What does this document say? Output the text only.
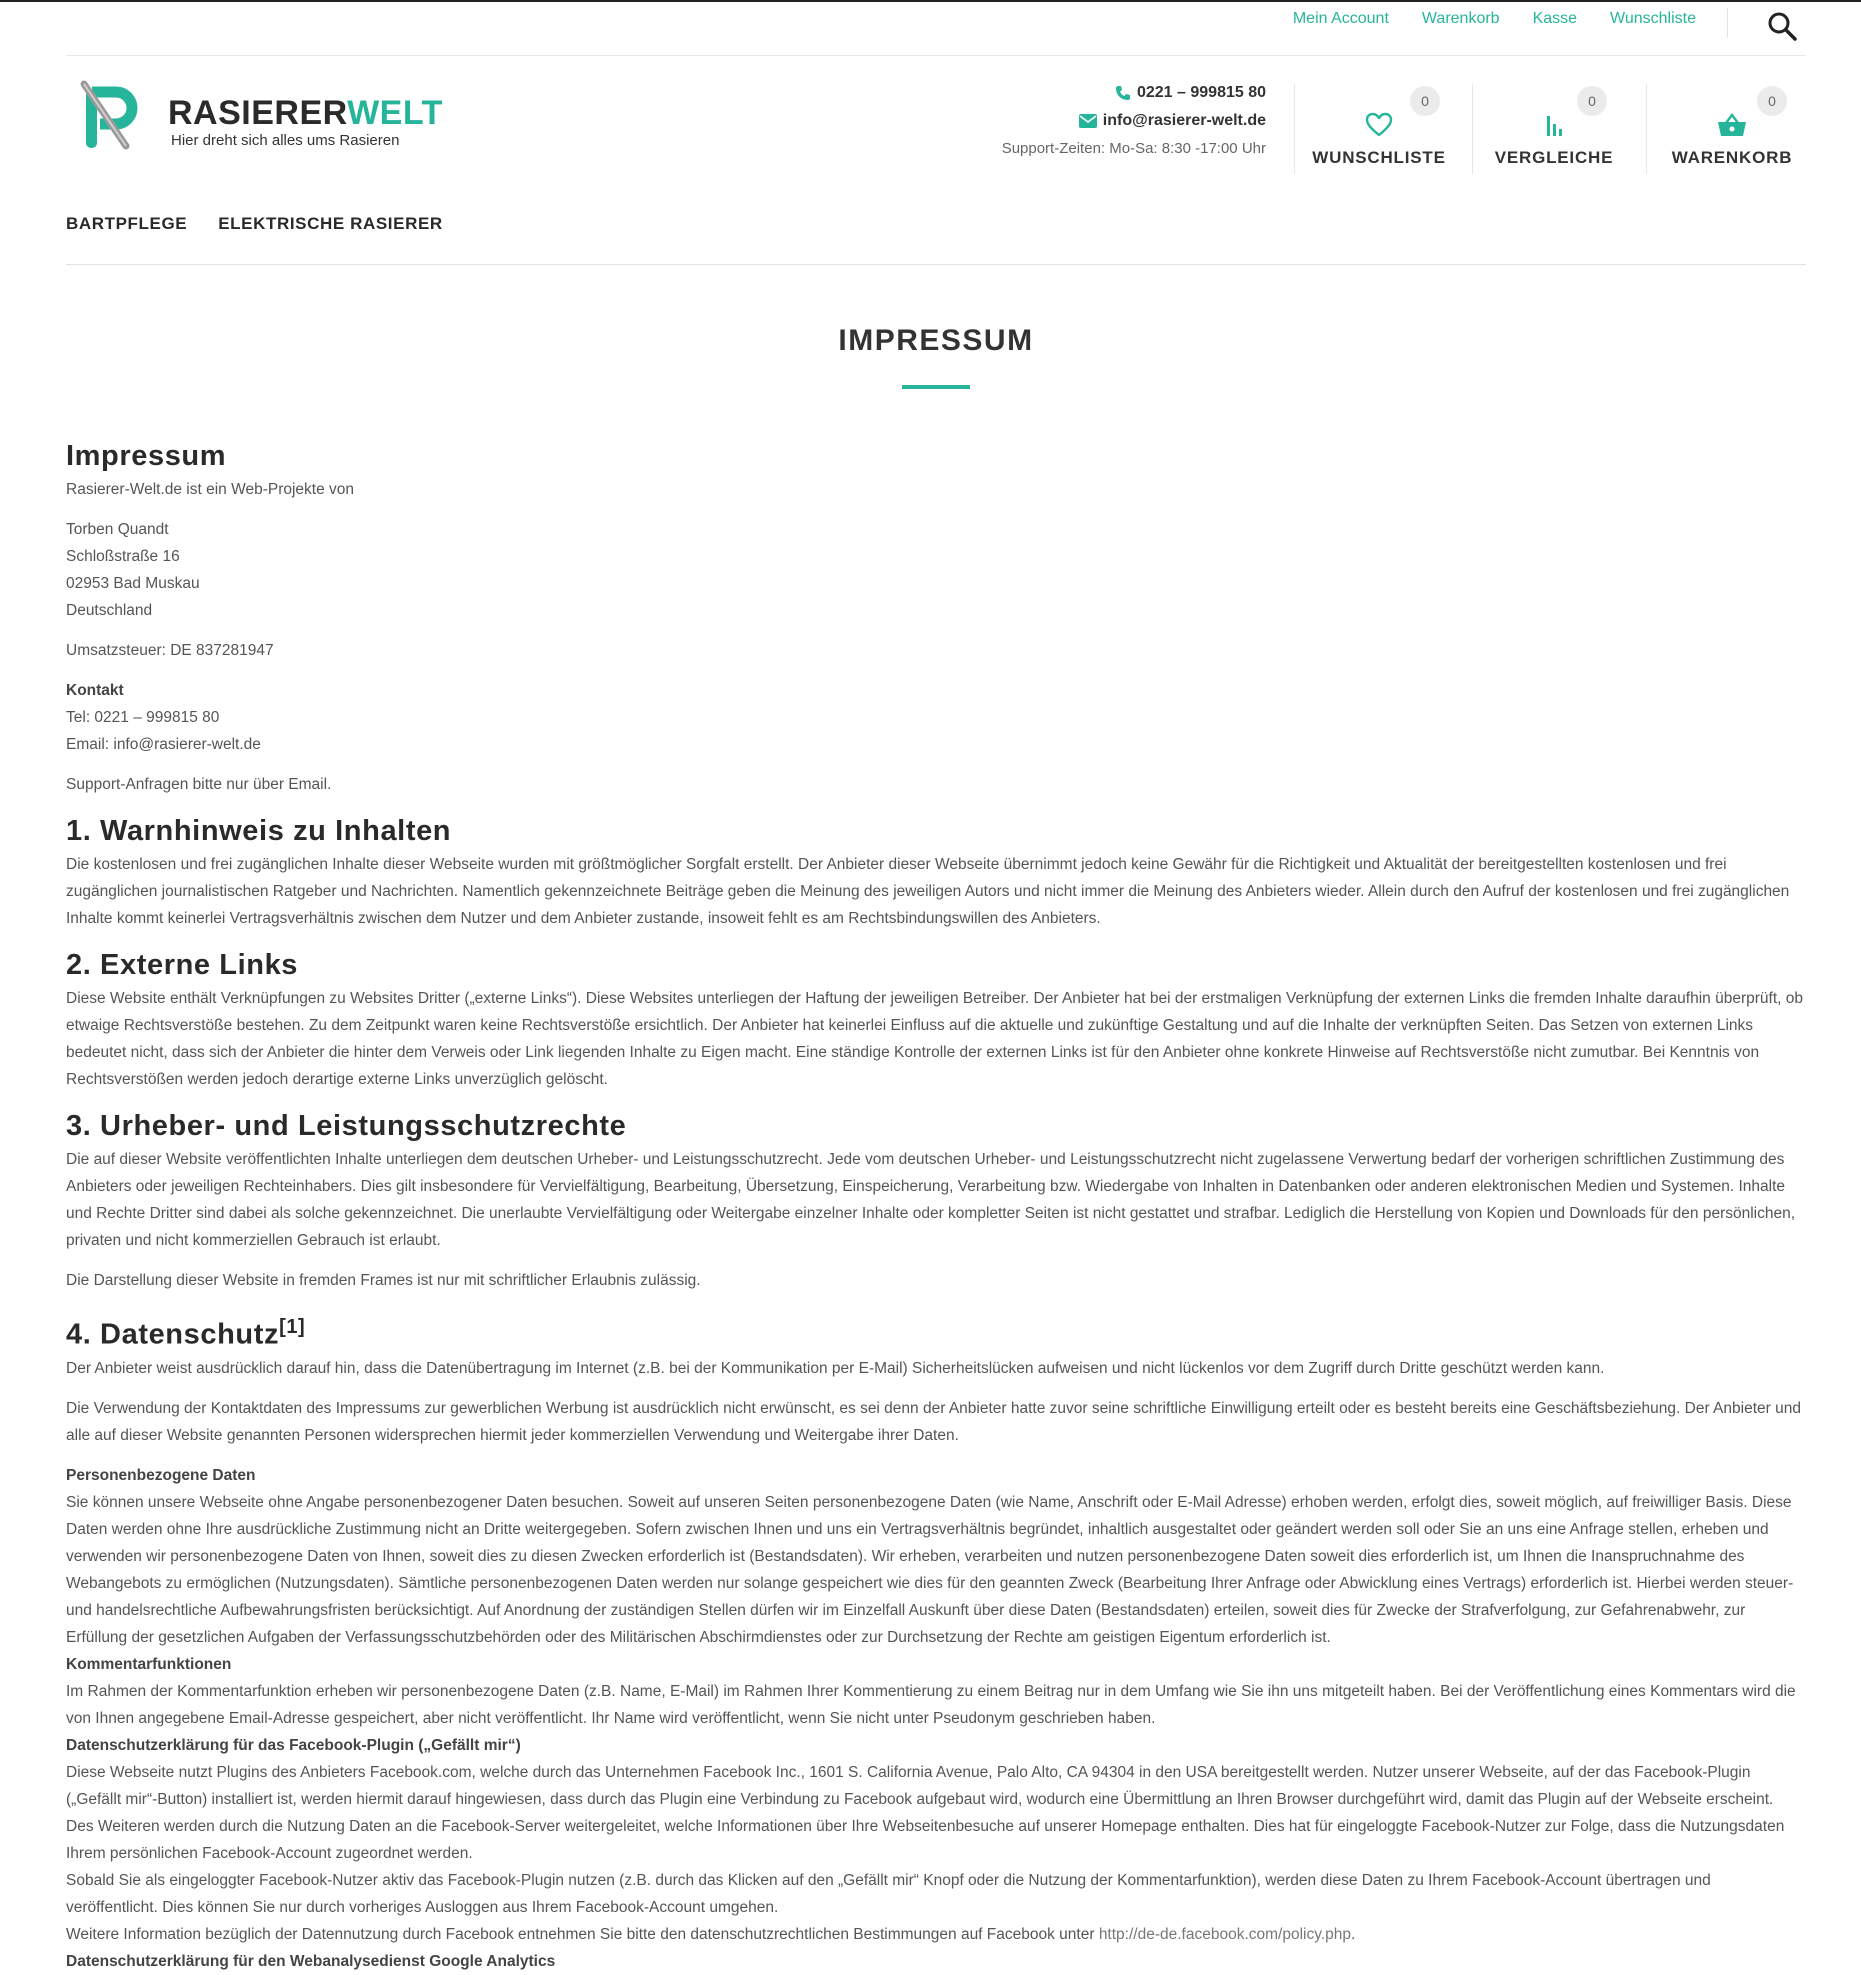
Mein Account Warenkorb Kasse Wunschliste
RASIERERWELT
Hier dreht sich alles ums Rasieren
0221 – 999815 80
info@rasierer-welt.de
Support-Zeiten: Mo-Sa: 8:30 -17:00 Uhr
0
WUNSCHLISTE
0
VERGLEICHE
0
WARENKORB
BARTPFLEGE ELEKTRISCHE RASIERER
IMPRESSUM
Impressum

Rasierer-Welt.de ist ein Web-Projekte von

Torben Quandt
Schloßstraße 16
02953 Bad Muskau
Deutschland

Umsatzsteuer: DE 837281947

Kontakt
Tel: 0221 – 999815 80
Email: info@rasierer-welt.de

Support-Anfragen bitte nur über Email.

1. Warnhinweis zu Inhalten

Die kostenlosen und frei zugänglichen Inhalte dieser Webseite wurden mit größtmöglicher Sorgfalt erstellt. Der Anbieter dieser Webseite übernimmt jedoch keine Gewähr für die Richtigkeit und Aktualität der bereitgestellten kostenlosen und frei zugänglichen journalistischen Ratgeber und Nachrichten. Namentlich gekennzeichnete Beiträge geben die Meinung des jeweiligen Autors und nicht immer die Meinung des Anbieters wieder. Allein durch den Aufruf der kostenlosen und frei zugänglichen Inhalte kommt keinerlei Vertragsverhältnis zwischen dem Nutzer und dem Anbieter zustande, insoweit fehlt es am Rechtsbindungswillen des Anbieters.

2. Externe Links

Diese Website enthält Verknüpfungen zu Websites Dritter („externe Links“). Diese Websites unterliegen der Haftung der jeweiligen Betreiber. Der Anbieter hat bei der erstmaligen Verknüpfung der externen Links die fremden Inhalte daraufhin überprüft, ob etwaige Rechtsverstöße bestehen. Zu dem Zeitpunkt waren keine Rechtsverstöße ersichtlich. Der Anbieter hat keinerlei Einfluss auf die aktuelle und zukünftige Gestaltung und auf die Inhalte der verknüpften Seiten. Das Setzen von externen Links bedeutet nicht, dass sich der Anbieter die hinter dem Verweis oder Link liegenden Inhalte zu Eigen macht. Eine ständige Kontrolle der externen Links ist für den Anbieter ohne konkrete Hinweise auf Rechtsverstöße nicht zumutbar. Bei Kenntnis von Rechtsverstößen werden jedoch derartige externe Links unverzüglich gelöscht.

3. Urheber- und Leistungsschutzrechte

Die auf dieser Website veröffentlichten Inhalte unterliegen dem deutschen Urheber- und Leistungsschutzrecht. Jede vom deutschen Urheber- und Leistungsschutzrecht nicht zugelassene Verwertung bedarf der vorherigen schriftlichen Zustimmung des Anbieters oder jeweiligen Rechteinhabers. Dies gilt insbesondere für Vervielfältigung, Bearbeitung, Übersetzung, Einspeicherung, Verarbeitung bzw. Wiedergabe von Inhalten in Datenbanken oder anderen elektronischen Medien und Systemen. Inhalte und Rechte Dritter sind dabei als solche gekennzeichnet. Die unerlaubte Vervielfältigung oder Weitergabe einzelner Inhalte oder kompletter Seiten ist nicht gestattet und strafbar. Lediglich die Herstellung von Kopien und Downloads für den persönlichen, privaten und nicht kommerziellen Gebrauch ist erlaubt.

Die Darstellung dieser Website in fremden Frames ist nur mit schriftlicher Erlaubnis zulässig.

4. Datenschutz[1]

Der Anbieter weist ausdrücklich darauf hin, dass die Datenübertragung im Internet (z.B. bei der Kommunikation per E-Mail) Sicherheitslücken aufweisen und nicht lückenlos vor dem Zugriff durch Dritte geschützt werden kann.

Die Verwendung der Kontaktdaten des Impressums zur gewerblichen Werbung ist ausdrücklich nicht erwünscht, es sei denn der Anbieter hatte zuvor seine schriftliche Einwilligung erteilt oder es besteht bereits eine Geschäftsbeziehung. Der Anbieter und alle auf dieser Website genannten Personen widersprechen hiermit jeder kommerziellen Verwendung und Weitergabe ihrer Daten.

Personenbezogene Daten
Sie können unsere Webseite ohne Angabe personenbezogener Daten besuchen. Soweit auf unseren Seiten personenbezogene Daten (wie Name, Anschrift oder E-Mail Adresse) erhoben werden, erfolgt dies, soweit möglich, auf freiwilliger Basis. Diese Daten werden ohne Ihre ausdrückliche Zustimmung nicht an Dritte weitergegeben. Sofern zwischen Ihnen und uns ein Vertragsverhältnis begründet, inhaltlich ausgestaltet oder geändert werden soll oder Sie an uns eine Anfrage stellen, erheben und verwenden wir personenbezogene Daten von Ihnen, soweit dies zu diesen Zwecken erforderlich ist (Bestandsdaten). Wir erheben, verarbeiten und nutzen personenbezogene Daten soweit dies erforderlich ist, um Ihnen die Inanspruchnahme des Webangebots zu ermöglichen (Nutzungsdaten). Sämtliche personenbezogenen Daten werden nur solange gespeichert wie dies für den geannten Zweck (Bearbeitung Ihrer Anfrage oder Abwicklung eines Vertrags) erforderlich ist. Hierbei werden steuer- und handelsrechtliche Aufbewahrungsfristen berücksichtigt. Auf Anordnung der zuständigen Stellen dürfen wir im Einzelfall Auskunft über diese Daten (Bestandsdaten) erteilen, soweit dies für Zwecke der Strafverfolgung, zur Gefahrenabwehr, zur Erfüllung der gesetzlichen Aufgaben der Verfassungsschutzbehörden oder des Militärischen Abschirmdienstes oder zur Durchsetzung der Rechte am geistigen Eigentum erforderlich ist.

Kommentarfunktionen
Im Rahmen der Kommentarfunktion erheben wir personenbezogene Daten (z.B. Name, E-Mail) im Rahmen Ihrer Kommentierung zu einem Beitrag nur in dem Umfang wie Sie ihn uns mitgeteilt haben. Bei der Veröffentlichung eines Kommentars wird die von Ihnen angegebene Email-Adresse gespeichert, aber nicht veröffentlicht. Ihr Name wird veröffentlicht, wenn Sie nicht unter Pseudonym geschrieben haben.

Datenschutzerklärung für das Facebook-Plugin („Gefällt mir“)
Diese Webseite nutzt Plugins des Anbieters Facebook.com, welche durch das Unternehmen Facebook Inc., 1601 S. California Avenue, Palo Alto, CA 94304 in den USA bereitgestellt werden. Nutzer unserer Webseite, auf der das Facebook-Plugin („Gefällt mir“-Button) installiert ist, werden hiermit darauf hingewiesen, dass durch das Plugin eine Verbindung zu Facebook aufgebaut wird, wodurch eine Übermittlung an Ihren Browser durchgeführt wird, damit das Plugin auf der Webseite erscheint.
Des Weiteren werden durch die Nutzung Daten an die Facebook-Server weitergeleitet, welche Informationen über Ihre Webseitenbesuche auf unserer Homepage enthalten. Dies hat für eingeloggte Facebook-Nutzer zur Folge, dass die Nutzungsdaten Ihrem persönlichen Facebook-Account zugeordnet werden.
Sobald Sie als eingeloggter Facebook-Nutzer aktiv das Facebook-Plugin nutzen (z.B. durch das Klicken auf den „Gefällt mir“ Knopf oder die Nutzung der Kommentarfunktion), werden diese Daten zu Ihrem Facebook-Account übertragen und veröffentlicht. Dies können Sie nur durch vorheriges Ausloggen aus Ihrem Facebook-Account umgehen.
Weitere Information bezüglich der Datennutzung durch Facebook entnehmen Sie bitte den datenschutzrechtlichen Bestimmungen auf Facebook unter http://de-de.facebook.com/policy.php.

Datenschutzerklärung für den Webanalysedienst Google Analytics
